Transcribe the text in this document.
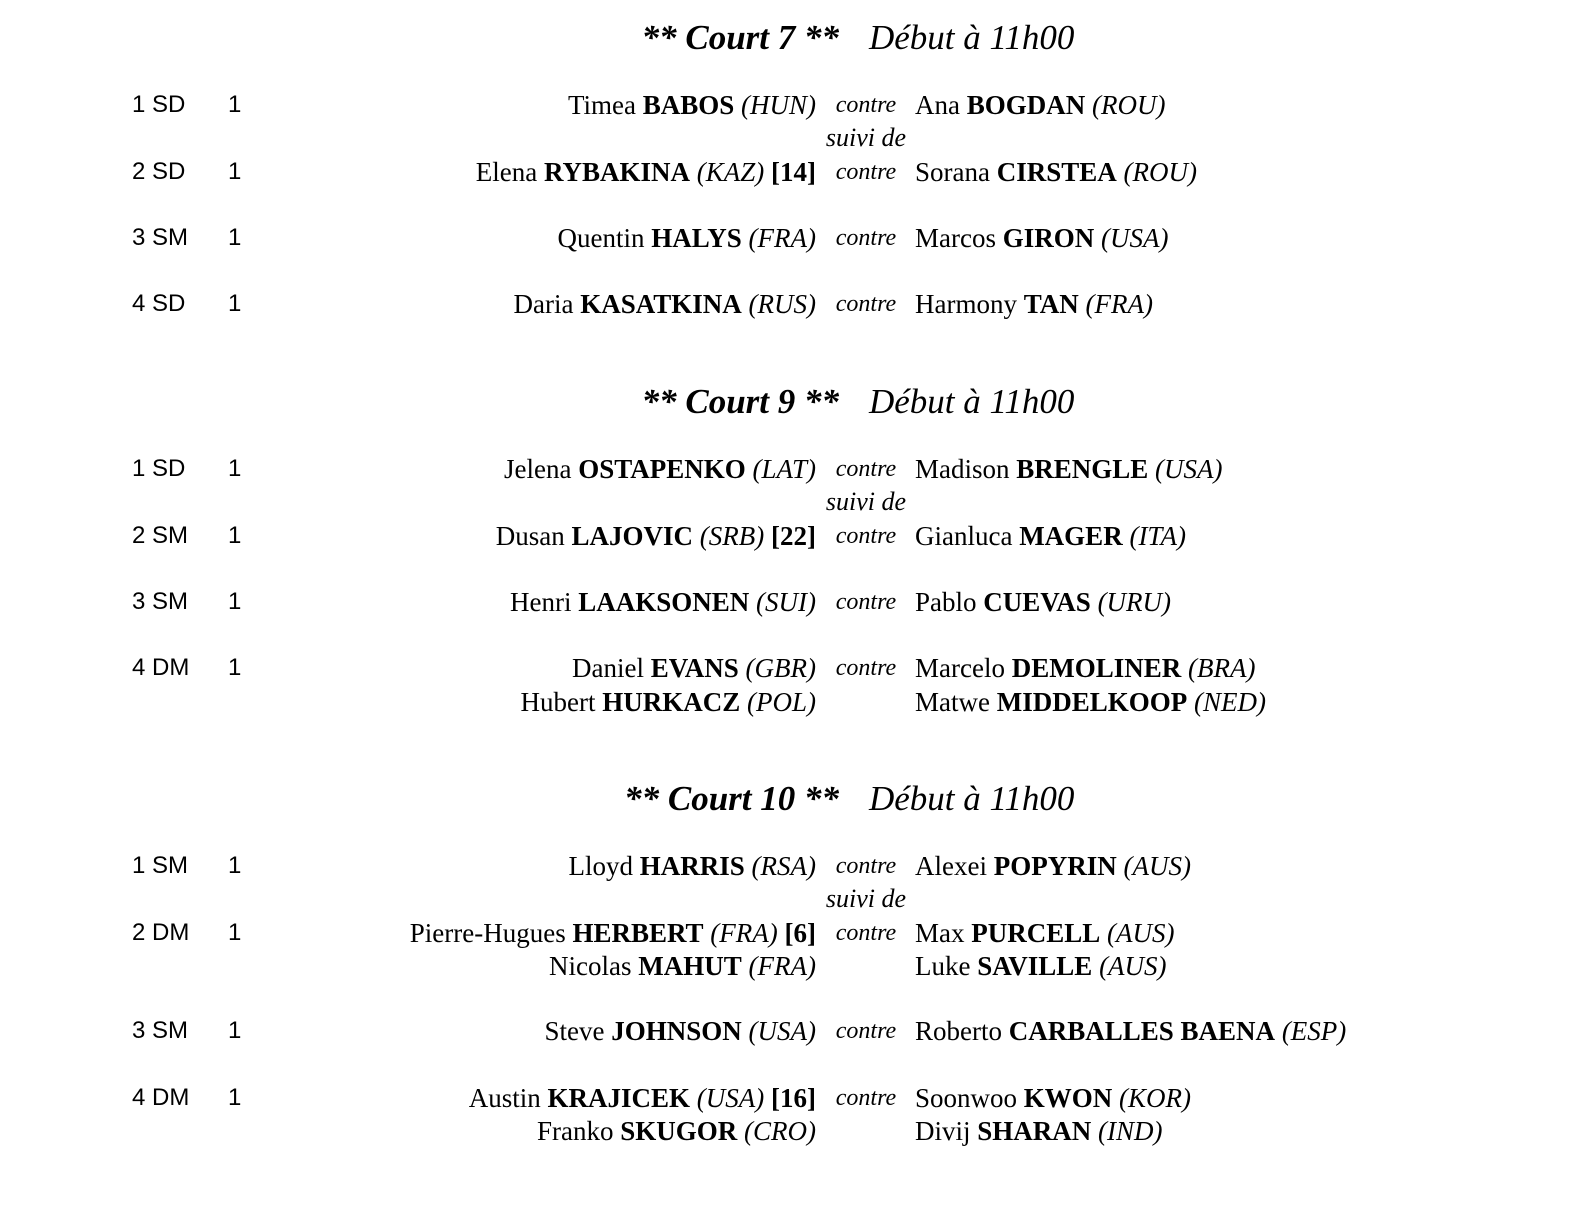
** Court 7 ** Début à 11h00
1 SD	1	Timea BABOS (HUN) contre Ana BOGDAN (ROU)
suivi de
2 SD	1	Elena RYBAKINA (KAZ) [14] contre Sorana CIRSTEA (ROU)
3 SM	1	Quentin HALYS (FRA) contre Marcos GIRON (USA)
4 SD	1	Daria KASATKINA (RUS) contre Harmony TAN (FRA)
** Court 9 ** Début à 11h00
1 SD	1	Jelena OSTAPENKO (LAT) contre Madison BRENGLE (USA)
suivi de
2 SM	1	Dusan LAJOVIC (SRB) [22] contre Gianluca MAGER (ITA)
3 SM	1	Henri LAAKSONEN (SUI) contre Pablo CUEVAS (URU)
4 DM	1	Daniel EVANS (GBR) contre Marcelo DEMOLINER (BRA)
Hubert HURKACZ (POL)	Matwe MIDDELKOOP (NED)
** Court 10 ** Début à 11h00
1 SM	1	Lloyd HARRIS (RSA) contre Alexei POPYRIN (AUS)
suivi de
2 DM	1	Pierre-Hugues HERBERT (FRA) [6] contre Max PURCELL (AUS)
Nicolas MAHUT (FRA)	Luke SAVILLE (AUS)
3 SM	1	Steve JOHNSON (USA) contre Roberto CARBALLES BAENA (ESP)
4 DM	1	Austin KRAJICEK (USA) [16] contre Soonwoo KWON (KOR)
Franko SKUGOR (CRO)	Divij SHARAN (IND)
